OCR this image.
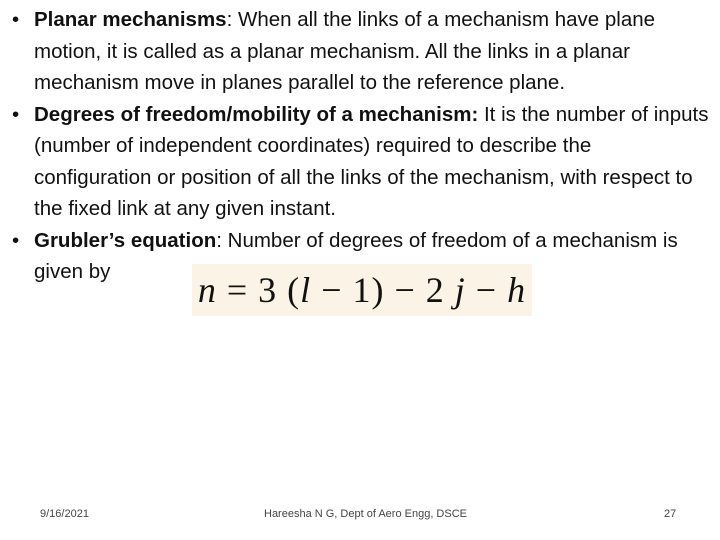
• Planar mechanisms: When all the links of a mechanism have plane motion, it is called as a planar mechanism. All the links in a planar mechanism move in planes parallel to the reference plane.
• Degrees of freedom/mobility of a mechanism: It is the number of inputs (number of independent coordinates) required to describe the configuration or position of all the links of the mechanism, with respect to the fixed link at any given instant.
• Grubler’s equation: Number of degrees of freedom of a mechanism is given by	n = 3 (l − 1) − 2 j − h
9/16/2021	Hareesha N G, Dept of Aero Engg, DSCE	27
